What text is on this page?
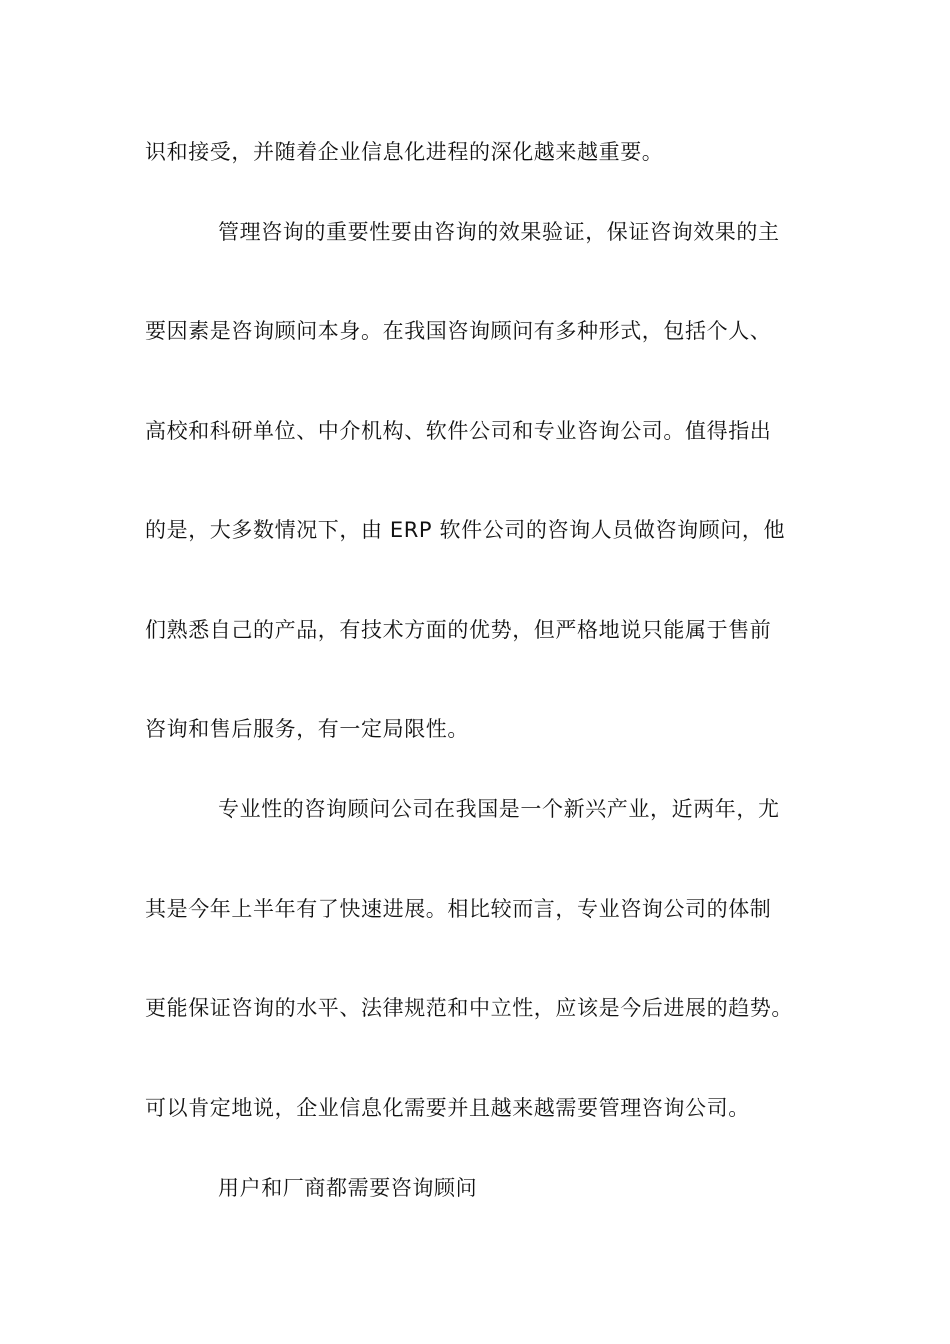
识和接受，并随着企业信息化进程的深化越来越重要。
管理咨询的重要性要由咨询的效果验证，保证咨询效果的主
要因素是咨询顾问本身。在我国咨询顾问有多种形式，包括个人、
高校和科研单位、中介机构、软件公司和专业咨询公司。值得指出
的是，大多数情况下，由 ERP 软件公司的咨询人员做咨询顾问，他
们熟悉自己的产品，有技术方面的优势，但严格地说只能属于售前
咨询和售后服务，有一定局限性。
专业性的咨询顾问公司在我国是一个新兴产业，近两年，尤
其是今年上半年有了快速进展。相比较而言，专业咨询公司的体制
更能保证咨询的水平、法律规范和中立性，应该是今后进展的趋势。
可以肯定地说，企业信息化需要并且越来越需要管理咨询公司。
用户和厂商都需要咨询顾问
